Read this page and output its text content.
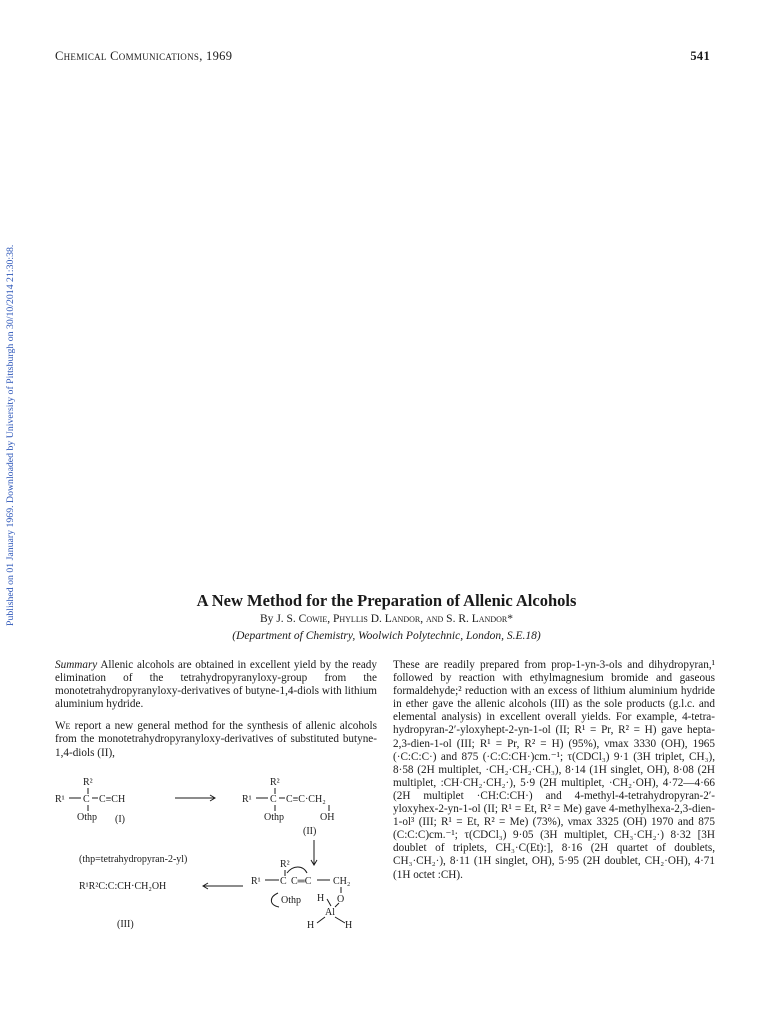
Chemical Communications, 1969	541
Published on 01 January 1969. Downloaded by University of Pittsburgh on 30/10/2014 21:30:38.	A New Method for the Preparation of Allenic Alcohols
By J. S. Cowie, Phyllis D. Landor, and S. R. Landor*
(Department of Chemistry, Woolwich Polytechnic, London, S.E.18)

Summary Allenic alcohols are obtained in excellent yield by the ready elimination of the tetrahydropyranyloxy-group from the monotetrahydropyranyloxy-derivatives of butyne-1,4-diols with lithium aluminium hydride.

We report a new general method for the synthesis of allenic alcohols from the monotetrahydropyranyloxy-derivatives of substituted butyne-1,4-diols (II),

R²
R¹ C C≡CH
Othp (I)
R²
R¹ C C≡C·CH₂
Othp	OH
(II)
(thp=tetrahydropyran-2-yl)	R²
R¹ C C═C CH₂
Othp H O
Al
H	H
R¹R²C:C:CH·CH₂OH
(III)

These are readily prepared from prop-1-yn-3-ols and dihydropyran,¹ followed by reaction with ethylmagnesium bromide and gaseous formaldehyde;² reduction with an excess of lithium aluminium hydride in ether gave the allenic alcohols (III) as the sole products (g.l.c. and elemental analysis) in excellent overall yields. For example, 4-tetra-hydropyran-2′-yloxyhept-2-yn-1-ol (II; R¹ = Pr, R² = H) gave hepta-2,3-dien-1-ol (III; R¹ = Pr, R² = H) (95%), νmax 3330 (OH), 1965 (·C:C:C·) and 875 (·C:C:CH·)cm.⁻¹; τ(CDCl₃) 9·1 (3H triplet, CH₃), 8·58 (2H multiplet, ·CH₂·CH₂·CH₃), 8·14 (1H singlet, OH), 8·08 (2H multiplet, :CH·CH₂·CH₂·), 5·9 (2H multiplet, ·CH₂·OH), 4·72—4·66 (2H multiplet ·CH:C:CH·) and 4-methyl-4-tetrahydropyran-2′-yloxyhex-2-yn-1-ol (II; R¹ = Et, R² = Me) gave 4-methylhexa-2,3-dien-1-ol³ (III; R¹ = Et, R² = Me) (73%), νmax 3325 (OH) 1970 and 875 (C:C:C)cm.⁻¹; τ(CDCl₃) 9·05 (3H multiplet, CH₃·CH₂·) 8·32 [3H doublet of triplets, CH₃·C(Et):], 8·16 (2H quartet of doublets, CH₃·CH₂·), 8·11 (1H singlet, OH), 5·95 (2H doublet, CH₂·OH), 4·71 (1H octet :CH).
